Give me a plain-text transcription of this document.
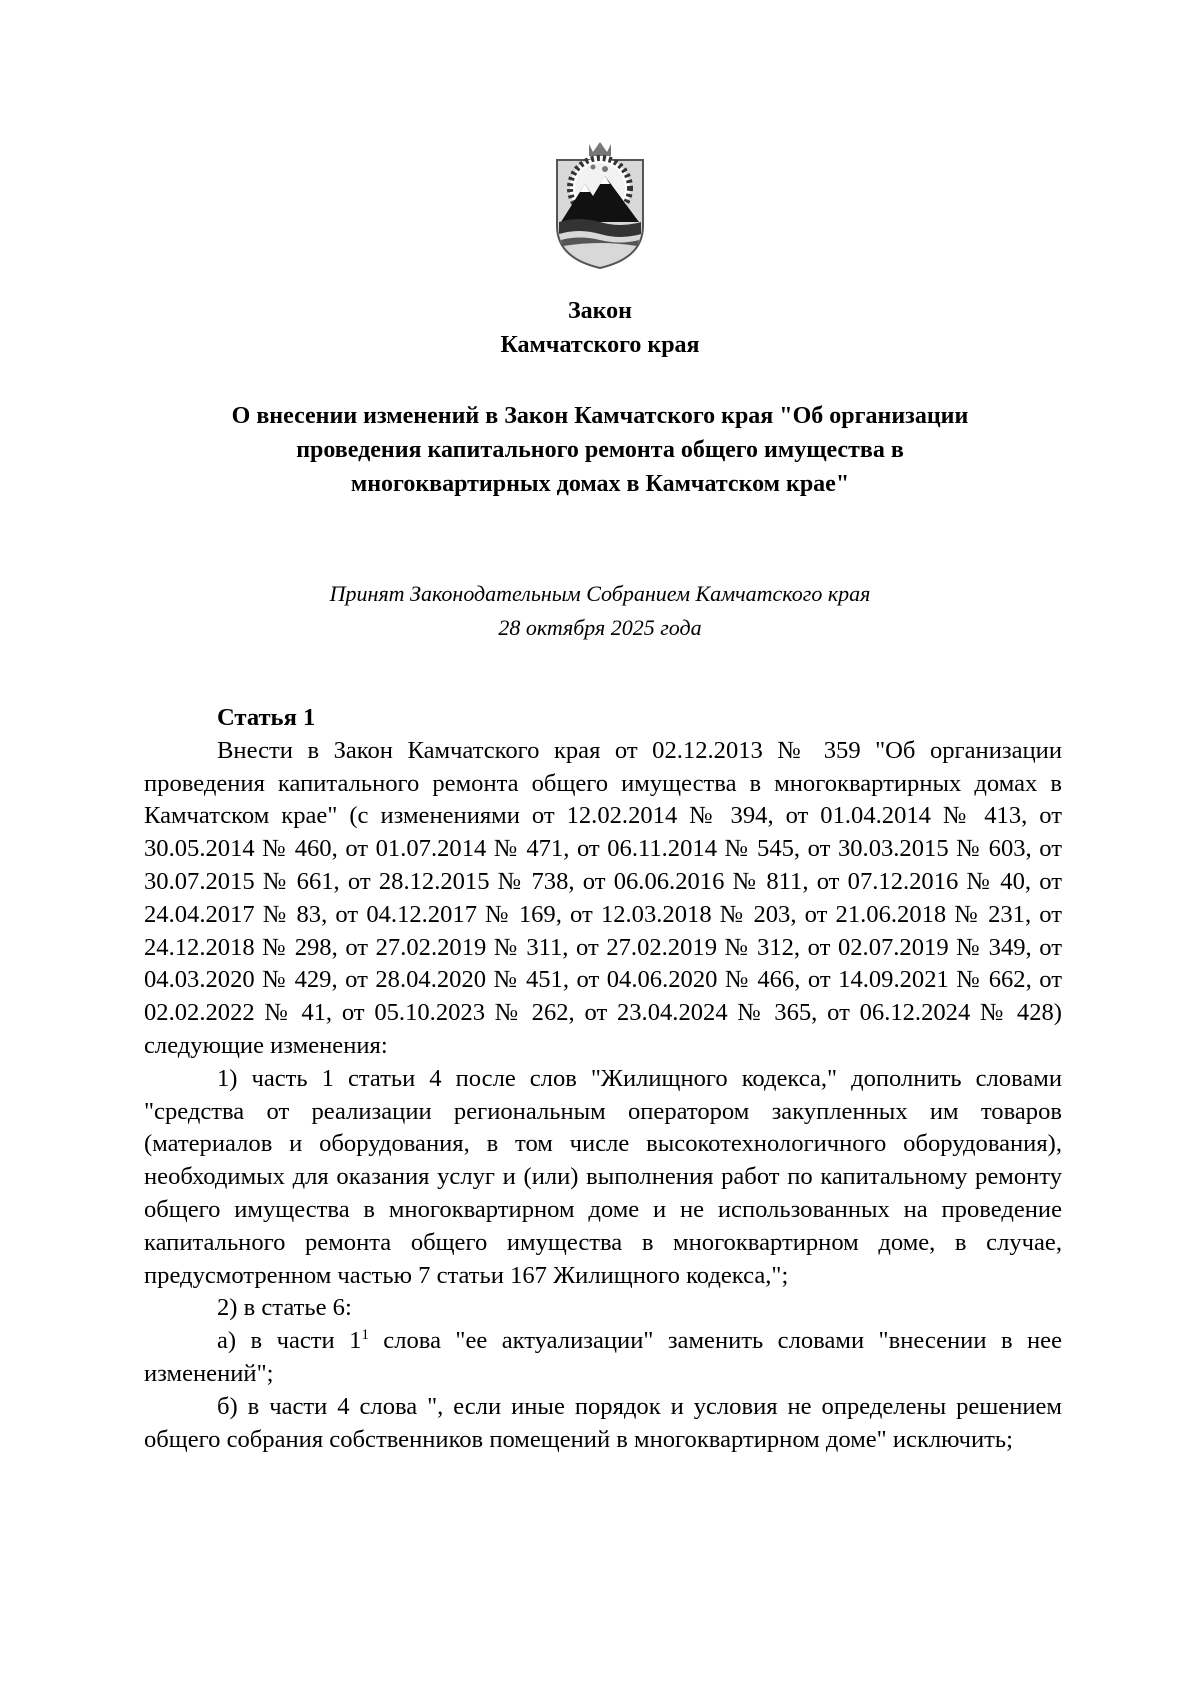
Закон
Камчатского края
О внесении изменений в Закон Камчатского края "Об организации
проведения капитального ремонта общего имущества в
многоквартирных домах в Камчатском крае"
Принят Законодательным Собранием Камчатского края
28 октября 2025 года

Статья 1

Внести в Закон Камчатского края от 02.12.2013 № 359 "Об организации проведения капитального ремонта общего имущества в многоквартирных домах в Камчатском крае" (с изменениями от 12.02.2014 № 394, от 01.04.2014 № 413, от 30.05.2014 № 460, от 01.07.2014 № 471, от 06.11.2014 № 545, от 30.03.2015 № 603, от 30.07.2015 № 661, от 28.12.2015 № 738, от 06.06.2016 № 811, от 07.12.2016 № 40, от 24.04.2017 № 83, от 04.12.2017 № 169, от 12.03.2018 № 203, от 21.06.2018 № 231, от 24.12.2018 № 298, от 27.02.2019 № 311, от 27.02.2019 № 312, от 02.07.2019 № 349, от 04.03.2020 № 429, от 28.04.2020 № 451, от 04.06.2020 № 466, от 14.09.2021 № 662, от 02.02.2022 № 41, от 05.10.2023 № 262, от 23.04.2024 № 365, от 06.12.2024 № 428) следующие изменения:

1) часть 1 статьи 4 после слов "Жилищного кодекса," дополнить словами "средства от реализации региональным оператором закупленных им товаров (материалов и оборудования, в том числе высокотехнологичного оборудования), необходимых для оказания услуг и (или) выполнения работ по капитальному ремонту общего имущества в многоквартирном доме и не использованных на проведение капитального ремонта общего имущества в многоквартирном доме, в случае, предусмотренном частью 7 статьи 167 Жилищного кодекса,";

2) в статье 6:

а) в части $1^1$ слова "ее актуализации" заменить словами "внесении в нее изменений";

б) в части 4 слова ", если иные порядок и условия не определены решением общего собрания собственников помещений в многоквартирном доме" исключить;
